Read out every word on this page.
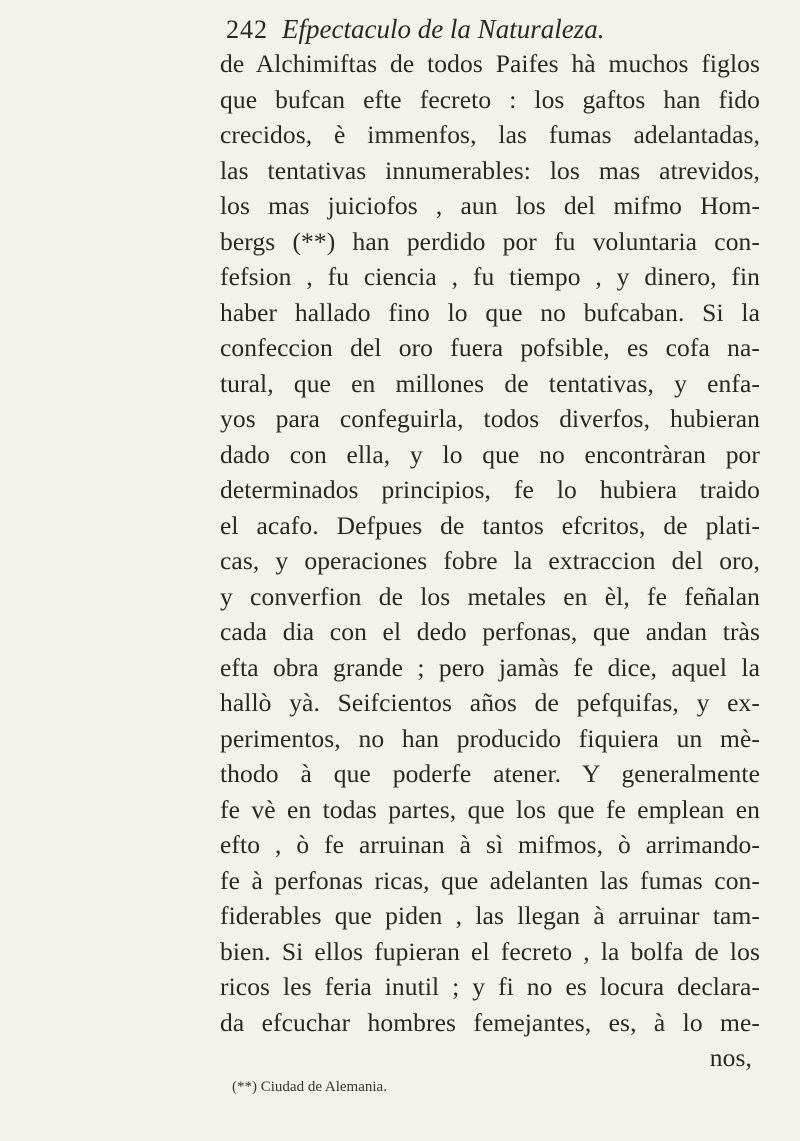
242 Efpectaculo de la Naturaleza.
de Alchimiftas de todos Paifes hà muchos figlos
que bufcan efte fecreto : los gaftos han fido
crecidos, è immenfos, las fumas adelantadas,
las tentativas innumerables: los mas atrevidos,
los mas juiciofos , aun los del mifmo Hom-
bergs (**) han perdido por fu voluntaria con-
fefsion , fu ciencia , fu tiempo , y dinero, fin
haber hallado fino lo que no bufcaban. Si la
confeccion del oro fuera pofsible, es cofa na-
tural, que en millones de tentativas, y enfa-
yos para confeguirla, todos diverfos, hubieran
dado con ella, y lo que no encontràran por
determinados principios, fe lo hubiera traido
el acafo. Defpues de tantos efcritos, de plati-
cas, y operaciones fobre la extraccion del oro,
y converfion de los metales en èl, fe feñalan
cada dia con el dedo perfonas, que andan tràs
efta obra grande ; pero jamàs fe dice, aquel la
hallò yà. Seifcientos años de pefquifas, y ex-
perimentos, no han producido fiquiera un mè-
thodo à que poderfe atener. Y generalmente
fe vè en todas partes, que los que fe emplean en
efto , ò fe arruinan à sì mifmos, ò arrimando-
fe à perfonas ricas, que adelanten las fumas con-
fiderables que piden , las llegan à arruinar tam-
bien. Si ellos fupieran el fecreto , la bolfa de los
ricos les feria inutil ; y fi no es locura declara-
da efcuchar hombres femejantes, es, à lo me-
nos,
(**) Ciudad de Alemania.
